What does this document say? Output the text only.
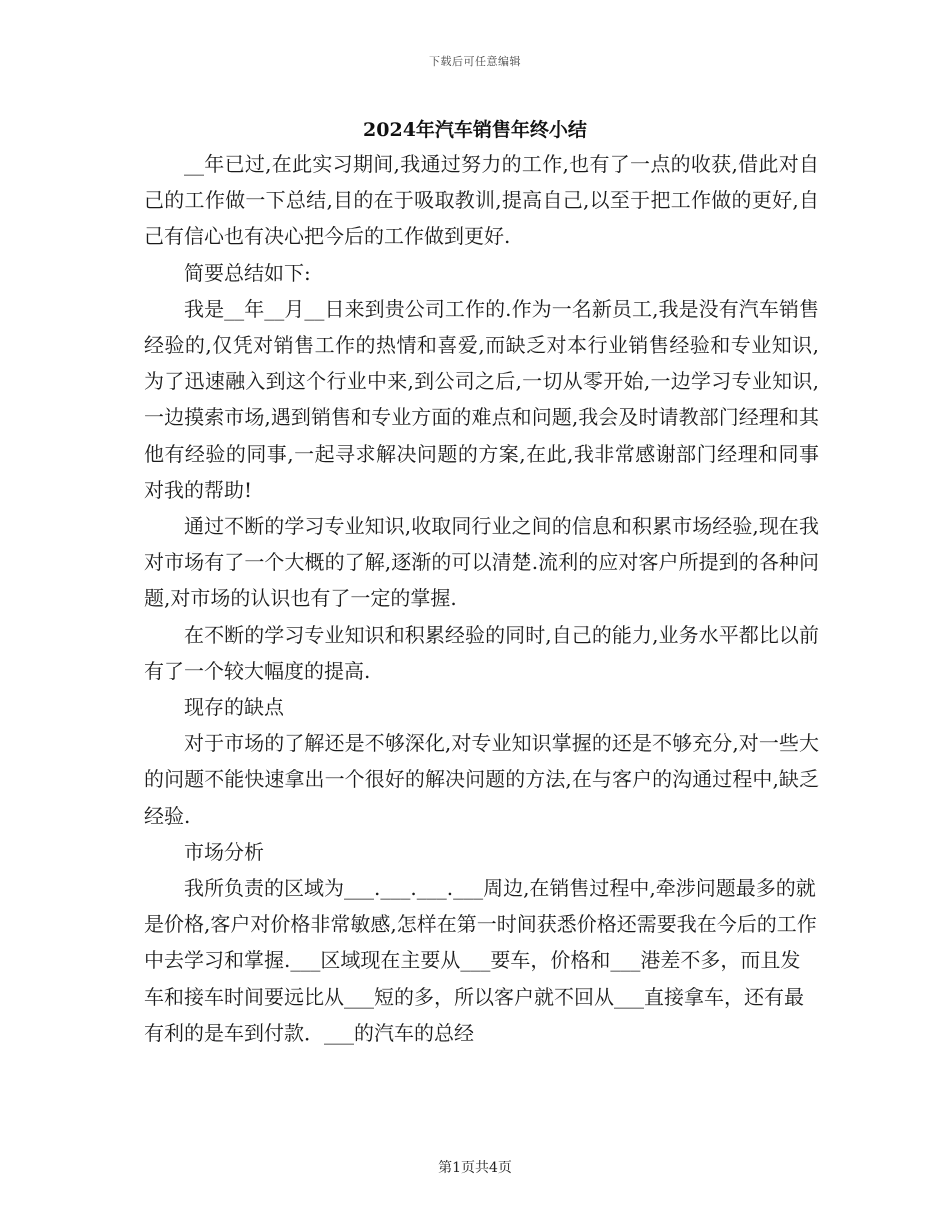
下载后可任意编辑
2024年汽车销售年终小结

__年已过,在此实习期间,我通过努力的工作,也有了一点的收获,借此对自己的工作做一下总结,目的在于吸取教训,提高自己,以至于把工作做的更好,自己有信心也有决心把今后的工作做到更好.

简要总结如下:

我是__年__月__日来到贵公司工作的.作为一名新员工,我是没有汽车销售经验的,仅凭对销售工作的热情和喜爱,而缺乏对本行业销售经验和专业知识,为了迅速融入到这个行业中来,到公司之后,一切从零开始,一边学习专业知识,一边摸索市场,遇到销售和专业方面的难点和问题,我会及时请教部门经理和其他有经验的同事,一起寻求解决问题的方案,在此,我非常感谢部门经理和同事对我的帮助!

通过不断的学习专业知识,收取同行业之间的信息和积累市场经验,现在我对市场有了一个大概的了解,逐渐的可以清楚.流利的应对客户所提到的各种问题,对市场的认识也有了一定的掌握.

在不断的学习专业知识和积累经验的同时,自己的能力,业务水平都比以前有了一个较大幅度的提高.

现存的缺点

对于市场的了解还是不够深化,对专业知识掌握的还是不够充分,对一些大的问题不能快速拿出一个很好的解决问题的方法,在与客户的沟通过程中,缺乏经验.

市场分析

我所负责的区域为___.___.___.___周边,在销售过程中,牵涉问题最多的就是价格,客户对价格非常敏感,怎样在第一时间获悉价格还需要我在今后的工作中去学习和掌握.___区域现在主要从___要车，价格和___港差不多，而且发车和接车时间要远比从___短的多，所以客户就不回从___直接拿车，还有最有利的是车到付款．___的汽车的总经

第1页共4页
